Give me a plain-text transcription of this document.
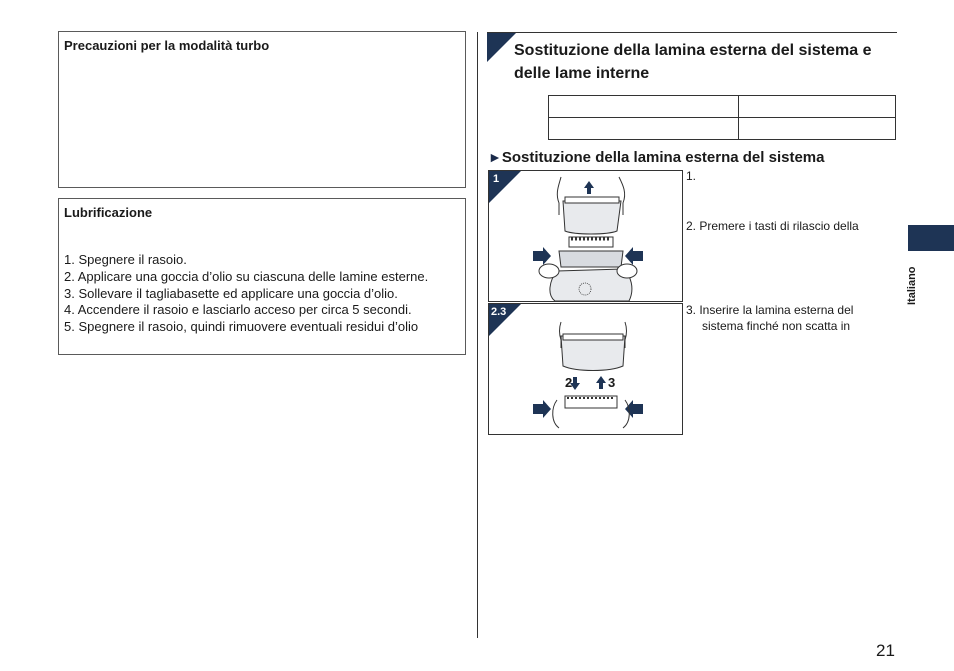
Precauzioni per la modalità turbo
Lubrificazione
1. Spegnere il rasoio.
2. Applicare una goccia d’olio su ciascuna delle lamine esterne.
3. Sollevare il tagliabasette ed applicare una goccia d’olio.
4. Accendere il rasoio e lasciarlo acceso per circa 5 secondi.
5. Spegnere il rasoio, quindi rimuovere eventuali residui d’olio
Sostituzione della lamina esterna del sistema e delle lame interne

►Sostituzione della lamina esterna del sistema
1
2.3
2	3
1.
2. Premere i tasti di rilascio della
3. Inserire la lamina esterna del
sistema finché non scatta in
Italiano
21
